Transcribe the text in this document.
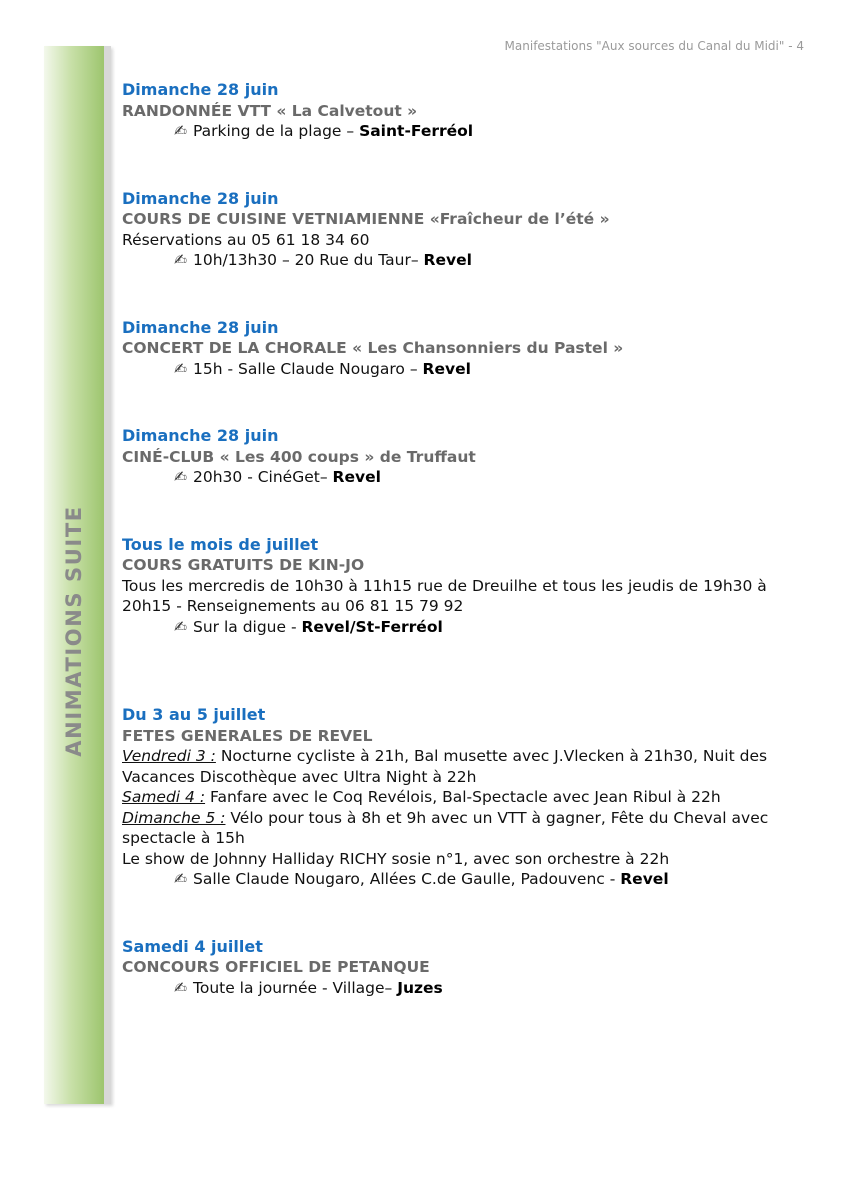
Manifestations "Aux sources du Canal du Midi" - 4
ANIMATIONS SUITE
Dimanche 28 juin
RANDONNÉE VTT « La Calvetout »
✍ Parking de la plage – Saint-Ferréol
Dimanche 28 juin
COURS DE CUISINE VETNIAMIENNE «Fraîcheur de l’été »
Réservations au 05 61 18 34 60
✍ 10h/13h30 – 20 Rue du Taur– Revel
Dimanche 28 juin
CONCERT DE LA CHORALE « Les Chansonniers du Pastel »
✍ 15h - Salle Claude Nougaro – Revel
Dimanche 28 juin
CINÉ-CLUB « Les 400 coups » de Truffaut
✍ 20h30 - CinéGet– Revel
Tous le mois de juillet
COURS GRATUITS DE KIN-JO
Tous les mercredis de 10h30 à 11h15 rue de Dreuilhe et tous les jeudis de 19h30 à 20h15 - Renseignements au 06 81 15 79 92
✍ Sur la digue - Revel/St-Ferréol
Du 3 au 5 juillet
FETES GENERALES DE REVEL
Vendredi 3 : Nocturne cycliste à 21h, Bal musette avec J.Vlecken à 21h30, Nuit des Vacances Discothèque avec Ultra Night à 22h
Samedi 4 : Fanfare avec le Coq Revélois, Bal-Spectacle avec Jean Ribul à 22h
Dimanche 5 : Vélo pour tous à 8h et 9h avec un VTT à gagner, Fête du Cheval avec spectacle à 15h
Le show de Johnny Halliday RICHY sosie n°1, avec son orchestre à 22h
✍ Salle Claude Nougaro, Allées C.de Gaulle, Padouvenc - Revel
Samedi 4 juillet
CONCOURS OFFICIEL DE PETANQUE
✍ Toute la journée - Village– Juzes
